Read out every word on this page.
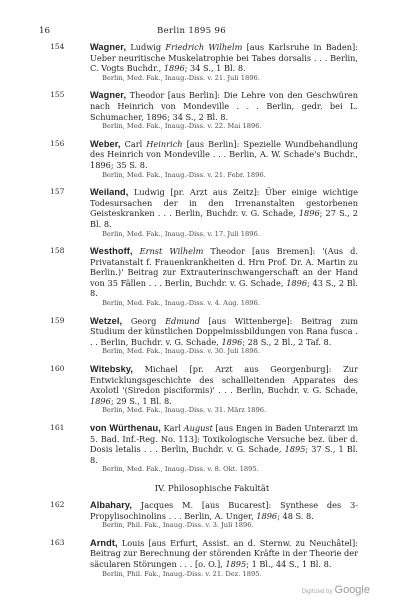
16	Berlin 1895 96
154	Wagner, Ludwig Friedrich Wilhelm [aus Karlsruhe in Baden]: Ueber neuritische Muskelatrophie bei Tabes dorsalis . . . Berlin, C. Vogts Buchdr., 1896; 34 S., 1 Bl. 8.
Berlin, Med. Fak., Inaug.-Diss. v. 21. Juli 1896.
155	Wagner, Theodor [aus Berlin]: Die Lehre von den Geschwüren nach Heinrich von Mondeville . . . Berlin, gedr. bei L. Schumacher, 1896; 34 S., 2 Bl. 8.
Berlin, Med. Fak., Inaug.-Diss. v. 22. Mai 1896.
156	Weber, Carl Heinrich [aus Berlin]: Spezielle Wundbehandlung des Heinrich von Mondeville . . . Berlin, A. W. Schade's Buchdr., 1896; 35 S. 8.
Berlin, Med. Fak., Inaug.-Diss. v. 21. Febr. 1896.
157	Weiland, Ludwig [pr. Arzt aus Zeitz]: Über einige wichtige Todesursachen der in den Irrenanstalten gestorbenen Geisteskranken . . . Berlin, Buchdr. v. G. Schade, 1896; 27 S., 2 Bl. 8.
Berlin, Med. Fak., Inaug.-Diss. v. 17. Juli 1896.
158	Westhoff, Ernst Wilhelm Theodor [aus Bremen]: '(Aus d. Privatanstalt f. Frauenkrankheiten d. Hrn Prof. Dr. A. Martin zu Berlin.)' Beitrag zur Extrauterinschwangerschaft an der Hand von 35 Fällen . . . Berlin, Buchdr. v. G. Schade, 1896; 43 S., 2 Bl. 8.
Berlin, Med. Fak., Inaug.-Diss. v. 4. Aug. 1896.
159	Wetzel, Georg Edmund [aus Wittenberge]: Beitrag zum Studium der künstlichen Doppelmissbildungen von Rana fusca . . . Berlin, Buchdr. v. G. Schade, 1896; 28 S., 2 Bl., 2 Taf. 8.
Berlin, Med. Fak., Inaug.-Diss. v. 30. Juli 1896.
160	Witebsky, Michael [pr. Arzt aus Georgenburg]: Zur Entwicklungsgeschichte des schallleitenden Apparates des Axolotl '(Siredon pisciformis)' . . . Berlin, Buchdr. v. G. Schade, 1896; 29 S., 1 Bl. 8.
Berlin, Med. Fak., Inaug.-Diss. v. 31. März 1896.
161	von Würthenau, Karl August [aus Engen in Baden Unterarzt im 5. Bad. Inf.-Reg. No. 113]: Toxikologische Versuche bez. über d. Dosis letalis . . . Berlin, Buchdr. v. G. Schade, 1895; 37 S., 1 Bl. 8.
Berlin, Med. Fak., Inaug.-Diss. v. 8. Okt. 1895.
IV. Philosophische Fakultät
162	Albahary, Jacques M. [aus Bucarest]: Synthese des 3-Propylisochinolins . . . Berlin, A. Unger, 1896; 48 S. 8.
Berlin, Phil. Fak., Inaug.-Diss. v. 3. Juli 1896.
163	Arndt, Louis [aus Erfurt, Assist. an d. Sternw. zu Neuchâtel]: Beitrag zur Berechnung der störenden Kräfte in der Theorie der säcularen Störungen . . . [o. O.], 1895; 1 Bl., 44 S., 1 Bl. 8.
Berlin, Phil. Fak., Inaug.-Diss. v. 21. Dez. 1895.
Digitized by Google
